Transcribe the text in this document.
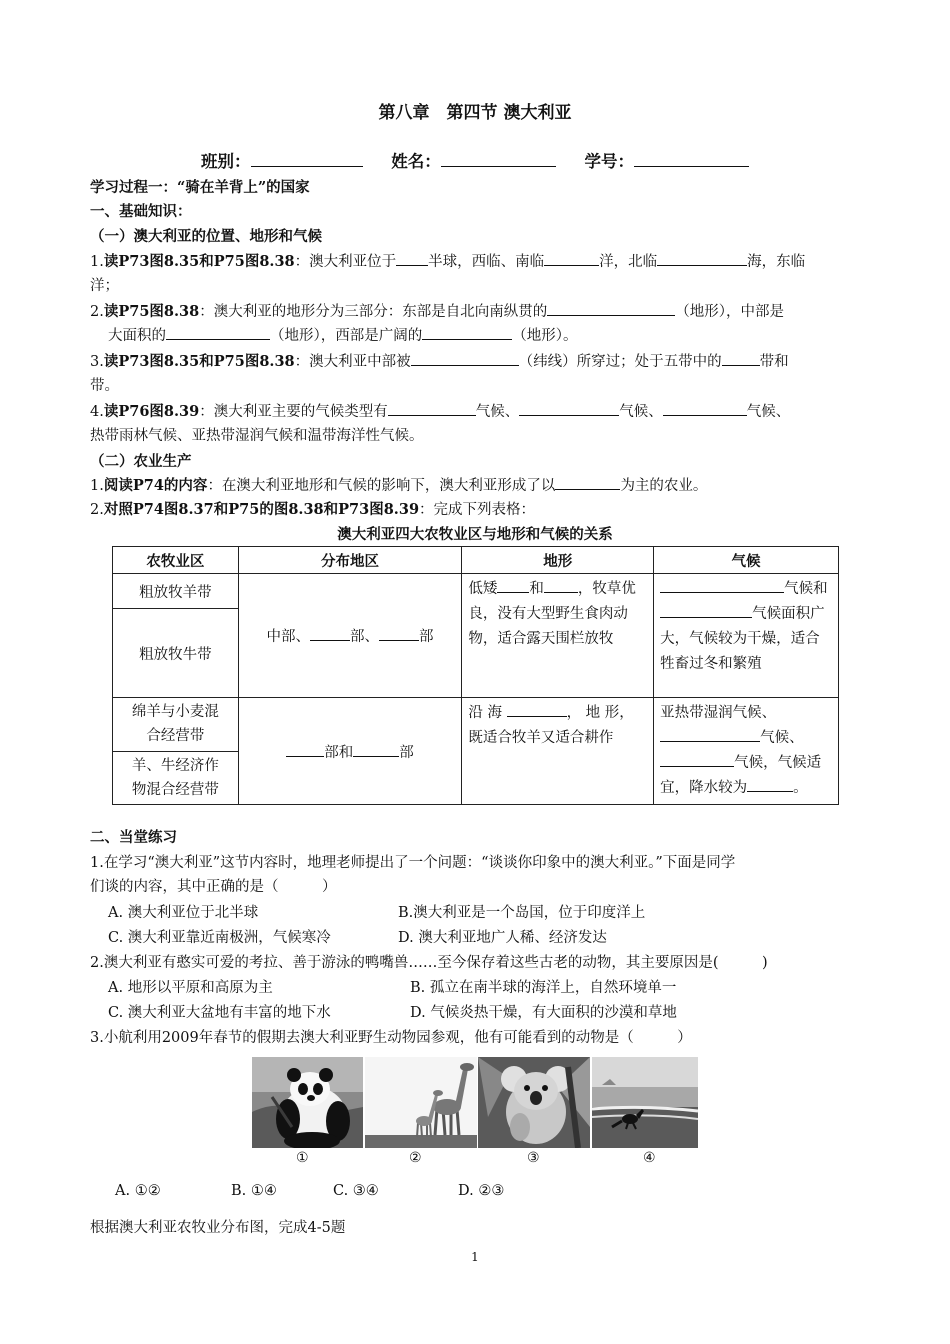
第八章　第四节 澳大利亚
班别：	姓名：	学号：
学习过程一：“骑在羊背上”的国家
一、基础知识：
（一）澳大利亚的位置、地形和气候
1.读P73图8.35和P75图8.38：澳大利亚位于 半球，西临、南临	洋，北临	海，东临
洋；
2.读P75图8.38：澳大利亚的地形分为三部分：东部是自北向南纵贯的	（地形），中部是
大面积的	（地形），西部是广阔的	（地形）。
3.读P73图8.35和P75图8.38：澳大利亚中部被	（纬线）所穿过；处于五带中的	带和
带。
4.读P76图8.39：澳大利亚主要的气候类型有	气候、	气候、	气候、
热带雨林气候、亚热带湿润气候和温带海洋性气候。
（二）农业生产
1.阅读P74的内容：在澳大利亚地形和气候的影响下，澳大利亚形成了以	为主的农业。
2.对照P74图8.37和P75的图8.38和P73图8.39：完成下列表格：
澳大利亚四大农牧业区与地形和气候的关系
农牧业区	分布地区	地形	气候
粗放牧羊带	中部、 部、 部	低矮 和 ，牧草优良，没有大型野生食肉动物，适合露天围栏放牧	气候和气候面积广大，气候较为干燥，适合牲畜过冬和繁殖
粗放牧牛带			

绵羊与小麦混
合经营带	部和 部	沿 海 ， 地 形，既适合牧羊又适合耕作	亚热带湿润气候、气候、气候，气候适宜，降水较为 。

羊、牛经济作
物混合经营带			
二、当堂练习
1.在学习“澳大利亚”这节内容时，地理老师提出了一个问题：“谈谈你印象中的澳大利亚。”下面是同学
们谈的内容，其中正确的是（　　　）
A. 澳大利亚位于北半球	B.澳大利亚是一个岛国，位于印度洋上
C. 澳大利亚靠近南极洲，气候寒冷	D. 澳大利亚地广人稀、经济发达
2.澳大利亚有憨实可爱的考拉、善于游泳的鸭嘴兽……至今保存着这些古老的动物，其主要原因是(　　　)
A. 地形以平原和高原为主	B. 孤立在南半球的海洋上，自然环境单一
C. 澳大利亚大盆地有丰富的地下水	D. 气候炎热干燥，有大面积的沙漠和草地
3.小航利用2009年春节的假期去澳大利亚野生动物园参观，他有可能看到的动物是（　　　）
①	②	③	④
A. ①②	B. ①④	C. ③④	D. ②③
根据澳大利亚农牧业分布图，完成4-5题
1
